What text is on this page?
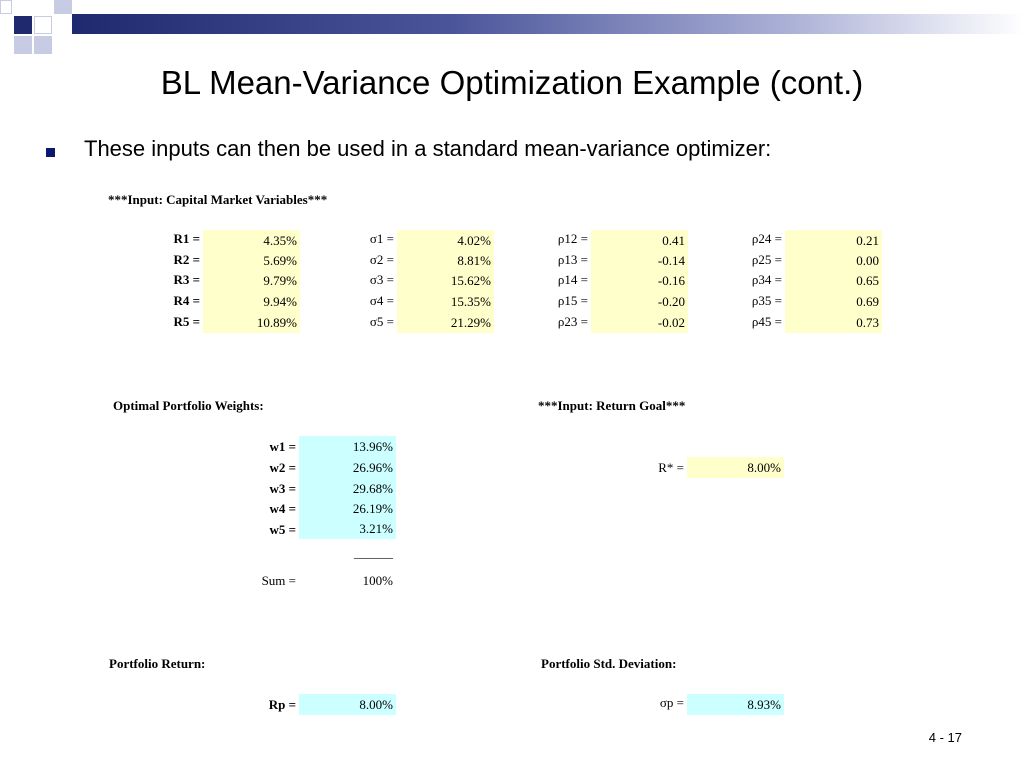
BL Mean-Variance Optimization Example (cont.)
These inputs can then be used in a standard mean-variance optimizer:
***Input: Capital Market Variables***
R1 =	4.35%
R2 =	5.69%
R3 =	9.79%
R4 =	9.94%
R5 =	10.89%
σ1 =	4.02%
σ2 =	8.81%
σ3 =	15.62%
σ4 =	15.35%
σ5 =	21.29%
ρ12 =	0.41
ρ13 =	-0.14
ρ14 =	-0.16
ρ15 =	-0.20
ρ23 =	-0.02
ρ24 =	0.21
ρ25 =	0.00
ρ34 =	0.65
ρ35 =	0.69
ρ45 =	0.73
Optimal Portfolio Weights:
w1 =	13.96%
w2 =	26.96%
w3 =	29.68%
w4 =	26.19%
w5 =	3.21%
______
Sum =	100%
***Input: Return Goal***
R* =	8.00%
Portfolio Return:
Rp =	8.00%
Portfolio Std. Deviation:
σp =	8.93%
4 - 17
